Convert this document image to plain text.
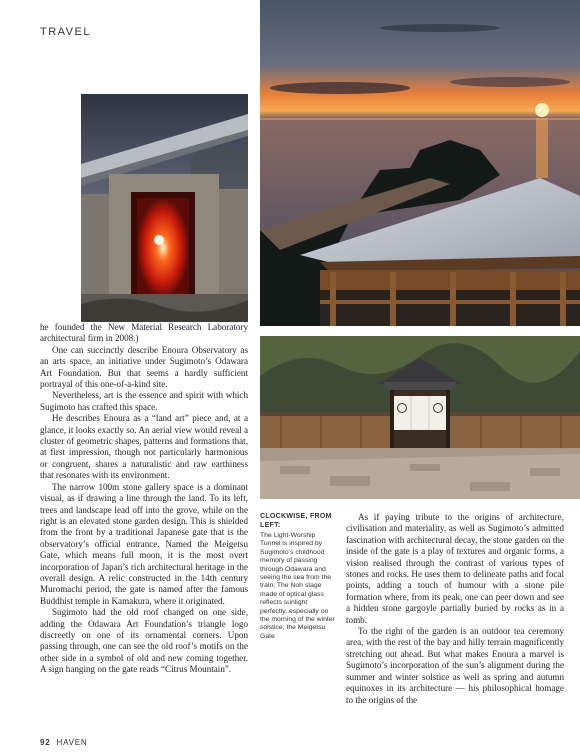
TRAVEL

he founded the New Material Research Laboratory architectural firm in 2008.)

One can succinctly describe Enoura Observatory as an arts space, an initiative under Sugimoto’s Odawara Art Foundation. But that seems a hardly sufficient portrayal of this one-of-a-kind site.

Nevertheless, art is the essence and spirit with which Sugimoto has crafted this space.

He describes Enoura as a “land art” piece and, at a glance, it looks exactly so. An aerial view would reveal a cluster of geometric shapes, patterns and formations that, at first impression, though not particularly harmonious or congruent, shares a naturalistic and raw earthiness that resonates with its environment.

The narrow 100m stone gallery space is a dominant visual, as if drawing a line through the land. To its left, trees and landscape lead off into the grove, while on the right is an elevated stone garden design. This is shielded from the front by a traditional Japanese gate that is the observatory’s official entrance. Named the Meigetsu Gate, which means full moon, it is the most overt incorporation of Japan’s rich architectural heritage in the overall design. A relic constructed in the 14th century Muromachi period, the gate is named after the famous Buddhist temple in Kamakura, where it originated.

Sugimoto had the old roof changed on one side, adding the Odawara Art Foundation’s triangle logo discreetly on one of its ornamental corners. Upon passing through, one can see the old roof’s motifs on the other side in a symbol of old and new coming together. A sign hanging on the gate reads “Citrus Mountain”.

CLOCKWISE, FROM LEFT:
The Light-Worship Tunnel is inspired by Sugimoto’s childhood memory of passing through Odawara and seeing the sea from the train; The Noh stage made of optical glass reflects sunlight perfectly, especially on the morning of the winter solstice; the Meigetsu Gate

As if paying tribute to the origins of architecture, civilisation and materiality, as well as Sugimoto’s admitted fascination with architectural decay, the stone garden on the inside of the gate is a play of textures and organic forms, a vision realised through the contrast of various types of stones and rocks. He uses them to delineate paths and focal points, adding a touch of humour with a stone pile formation where, from its peak, one can peer down and see a hidden stone gargoyle partially buried by rocks as in a tomb.

To the right of the garden is an outdoor tea ceremony area, with the rest of the bay and hilly terrain magnificently stretching out ahead. But what makes Enoura a marvel is Sugimoto’s incorporation of the sun’s alignment during the summer and winter solstice as well as spring and autumn equinoxes in its architecture — his philosophical homage to the origins of the

92 HAVEN
